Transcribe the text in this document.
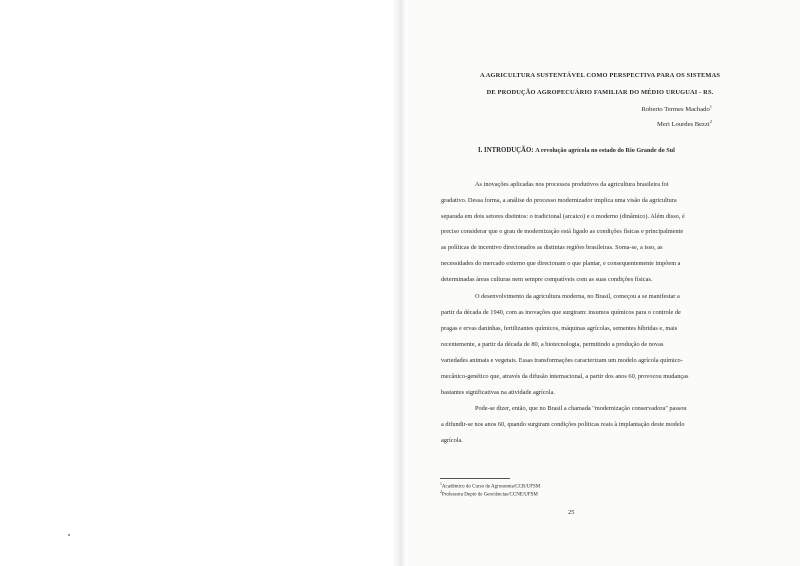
A AGRICULTURA SUSTENTÁVEL COMO PERSPECTIVA PARA OS SISTEMAS
DE PRODUÇÃO AGROPECUÁRIO FAMILIAR DO MÉDIO URUGUAI - RS.
Roberto Termes Machado$^1$
Meri Lourdes Bezzi$^2$
I. INTRODUÇÃO: A revolução agrícola no estado do Rio Grande do Sul
As inovações aplicadas nos processos produtivos da agricultura brasileira foi
gradativo. Dessa forma, a análise do processo modernizador implica uma visão da agricultura
separada em dois setores distintos: o tradicional (arcaico) e o moderno (dinâmico). Além disso, é
preciso considerar que o grau de modernização está ligado as condições físicas e principalmente
as políticas de incentivo direcionados as distintas regiões brasileiras. Soma-se, a isso, as
necessidades do mercado externo que direcionam o que plantar, e consequentemente impõem a
determinadas áreas culturas nem sempre compatíveis com as suas condições físicas.
O desenvolvimento da agricultura moderna, no Brasil, começou a se manifestar a
partir da década de 1940, com as inovações que surgiram: insumos químicos para o controle de
pragas e ervas daninhas, fertilizantes químicos, máquinas agrícolas, sementes híbridas e, mais
recentemente, a partir da década de 80, a biotecnologia, permitindo a produção de novas
variedades animais e vegetais. Essas transformações caracterizam um modelo agrícola químico-
mecânico-genético que, através da difusão internacional, a partir dos anos 60, provocou mudanças
bastantes significativas na atividade agrícola.
Pode-se dizer, então, que no Brasil a chamada "modernização conservadora" passou
a difundir-se nos anos 60, quando surgiram condições políticas reais à implantação deste modelo
agrícola.
$^1$Acadêmico do Curso de Agronomia/CCR/UFSM
$^2$Professora Depto de Geociências/CCNE/UFSM
25
